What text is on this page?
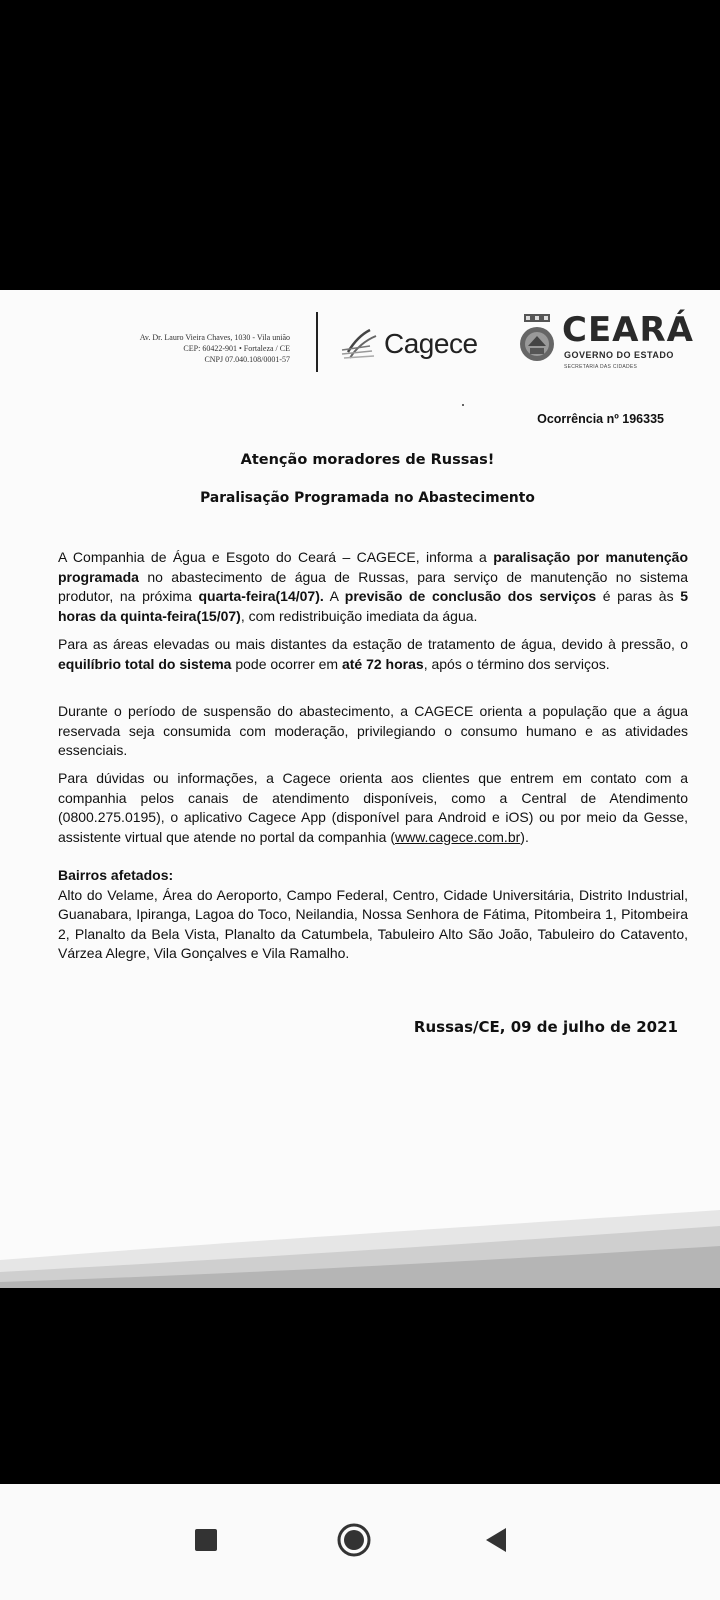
Av. Dr. Lauro Vieira Chaves, 1030 - Vila união
CEP: 60422-901 • Fortaleza / CE
CNPJ 07.040.108/0001-57
Cagece CEARÁ
GOVERNO DO ESTADO
SECRETARIA DAS CIDADES
Ocorrência nº 196335
Atenção moradores de Russas!
Paralisação Programada no Abastecimento
A Companhia de Água e Esgoto do Ceará – CAGECE, informa a paralisação por manutenção programada no abastecimento de água de Russas, para serviço de manutenção no sistema produtor, na próxima quarta-feira(14/07). A previsão de conclusão dos serviços é paras às 5 horas da quinta-feira(15/07), com redistribuição imediata da água.
Para as áreas elevadas ou mais distantes da estação de tratamento de água, devido à pressão, o equilíbrio total do sistema pode ocorrer em até 72 horas, após o término dos serviços.
Durante o período de suspensão do abastecimento, a CAGECE orienta a população que a água reservada seja consumida com moderação, privilegiando o consumo humano e as atividades essenciais.
Para dúvidas ou informações, a Cagece orienta aos clientes que entrem em contato com a companhia pelos canais de atendimento disponíveis, como a Central de Atendimento (0800.275.0195), o aplicativo Cagece App (disponível para Android e iOS) ou por meio da Gesse, assistente virtual que atende no portal da companhia (www.cagece.com.br).
Bairros afetados:
Alto do Velame, Área do Aeroporto, Campo Federal, Centro, Cidade Universitária, Distrito Industrial, Guanabara, Ipiranga, Lagoa do Toco, Neilandia, Nossa Senhora de Fátima, Pitombeira 1, Pitombeira 2, Planalto da Bela Vista, Planalto da Catumbela, Tabuleiro Alto São João, Tabuleiro do Catavento, Várzea Alegre, Vila Gonçalves e Vila Ramalho.
Russas/CE, 09 de julho de 2021
